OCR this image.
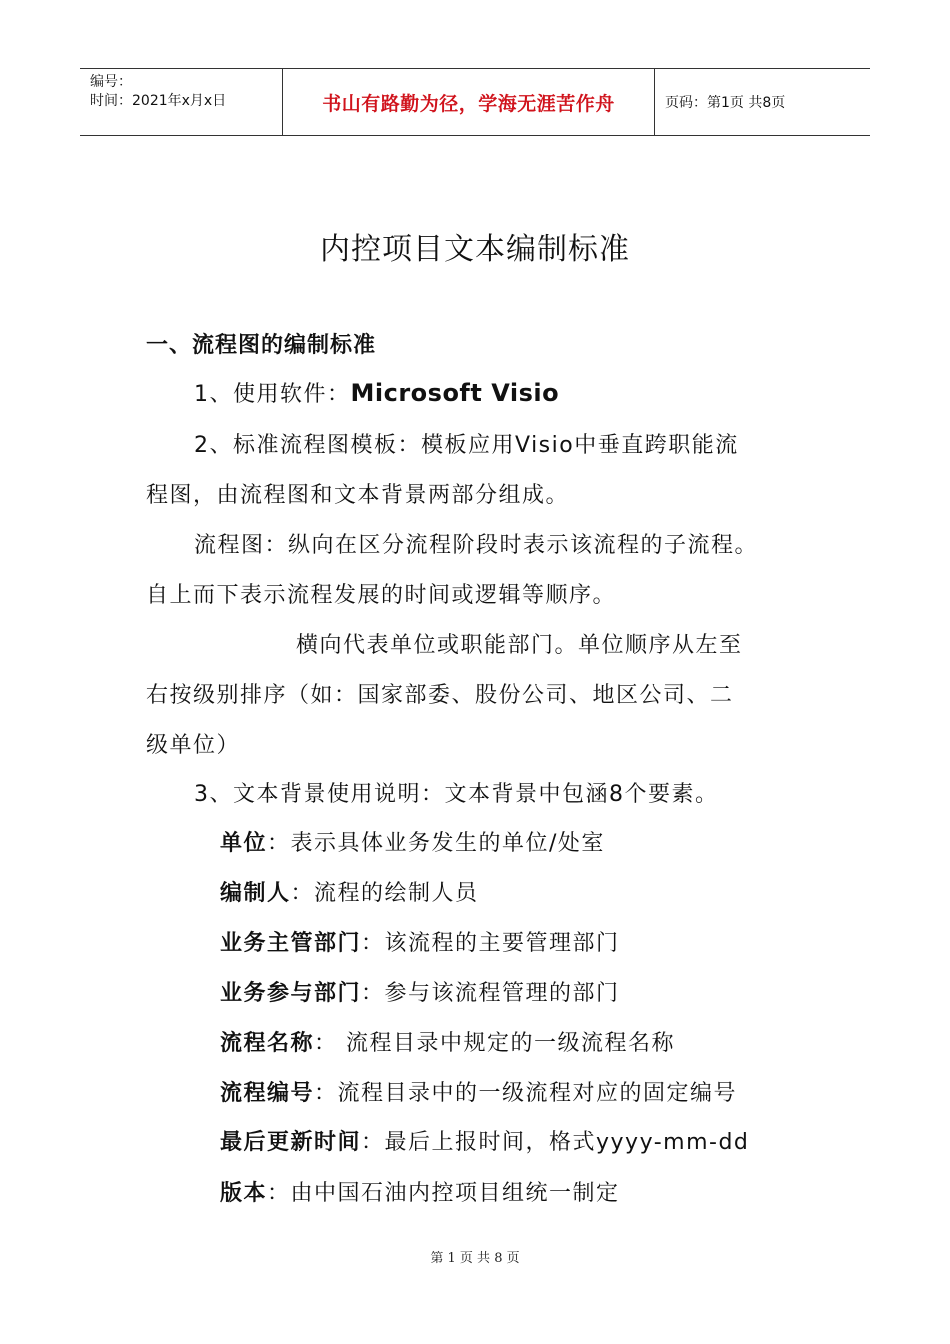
编号：
时间：2021年x月x日	书山有路勤为径，学海无涯苦作舟	页码：第1页 共8页
内控项目文本编制标准
一、流程图的编制标准
1、使用软件：Microsoft Visio
2、标准流程图模板：模板应用Visio中垂直跨职能流
程图，由流程图和文本背景两部分组成。
流程图：纵向在区分流程阶段时表示该流程的子流程。
自上而下表示流程发展的时间或逻辑等顺序。
横向代表单位或职能部门。单位顺序从左至
右按级别排序（如：国家部委、股份公司、地区公司、二
级单位）
3、文本背景使用说明：文本背景中包涵8个要素。
单位：表示具体业务发生的单位/处室
编制人：流程的绘制人员
业务主管部门：该流程的主要管理部门
业务参与部门：参与该流程管理的部门
流程名称： 流程目录中规定的一级流程名称
流程编号：流程目录中的一级流程对应的固定编号
最后更新时间：最后上报时间，格式yyyy-mm-dd
版本：由中国石油内控项目组统一制定
第 1 页 共 8 页
